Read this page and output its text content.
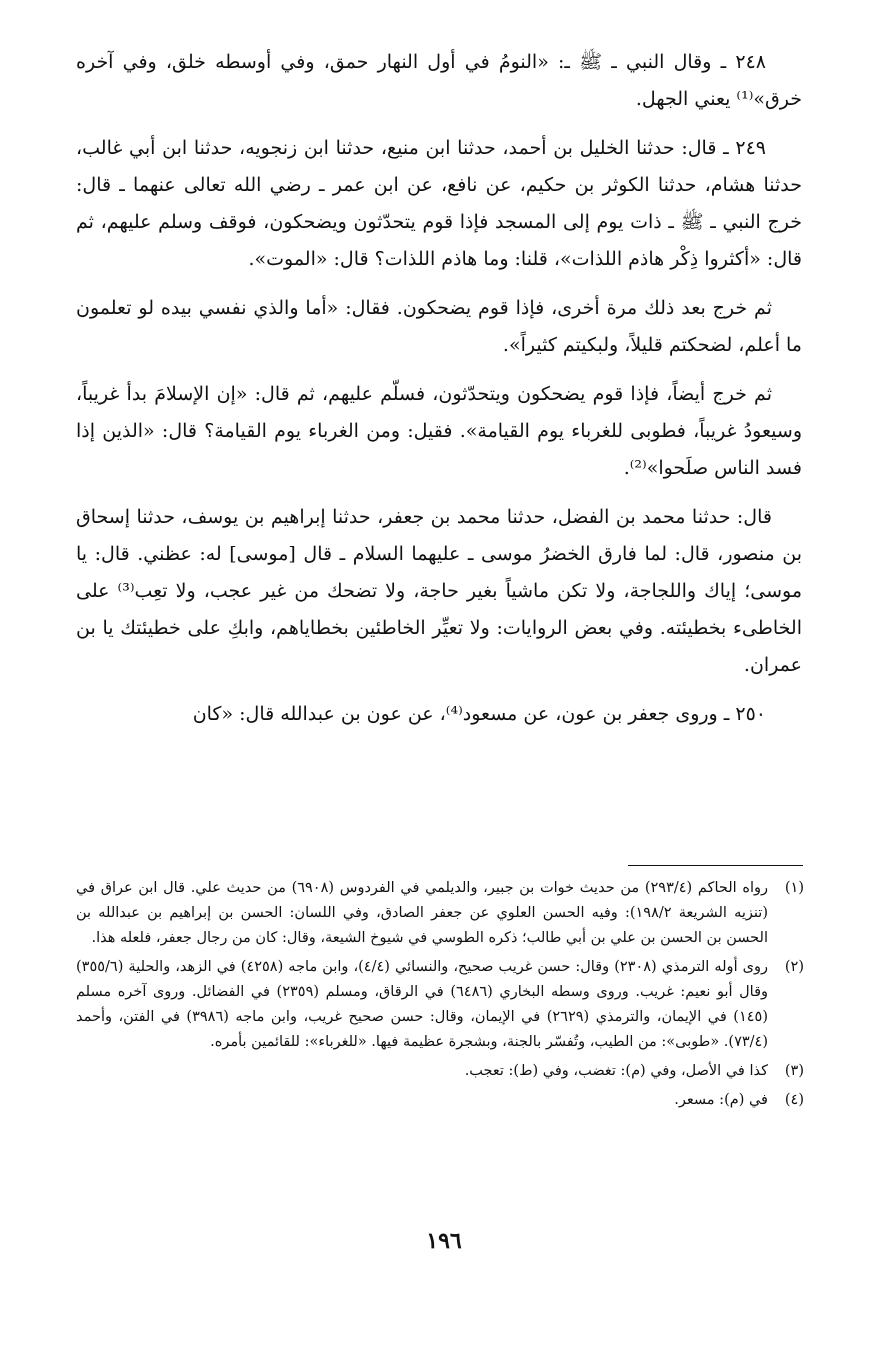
٢٤٨ ـ وقال النبي ـ ﷺ ـ: «النومُ في أول النهار حمق، وفي أوسطه خلق، وفي آخره خرق»⁽¹⁾ يعني الجهل.

٢٤٩ ـ قال: حدثنا الخليل بن أحمد، حدثنا ابن منيع، حدثنا ابن زنجويه، حدثنا ابن أبي غالب، حدثنا هشام، حدثنا الكوثر بن حكيم، عن نافع، عن ابن عمر ـ رضي الله تعالى عنهما ـ قال: خرج النبي ـ ﷺ ـ ذات يوم إلى المسجد فإذا قوم يتحدّثون ويضحكون، فوقف وسلم عليهم، ثم قال: «أكثروا ذِكْر هاذم اللذات»، قلنا: وما هاذم اللذات؟ قال: «الموت».

ثم خرج بعد ذلك مرة أخرى، فإذا قوم يضحكون. فقال: «أما والذي نفسي بيده لو تعلمون ما أعلم، لضحكتم قليلاً، ولبكيتم كثيراً».

ثم خرج أيضاً، فإذا قوم يضحكون ويتحدّثون، فسلّم عليهم، ثم قال: «إن الإسلامَ بدأ غريباً، وسيعودُ غريباً، فطوبى للغرباء يوم القيامة». فقيل: ومن الغرباء يوم القيامة؟ قال: «الذين إذا فسد الناس صلَحوا»⁽²⁾.

قال: حدثنا محمد بن الفضل، حدثنا محمد بن جعفر، حدثنا إبراهيم بن يوسف، حدثنا إسحاق بن منصور، قال: لما فارق الخضرُ موسى ـ عليهما السلام ـ قال [موسى] له: عظني. قال: يا موسى؛ إياك واللجاجة، ولا تكن ماشياً بغير حاجة، ولا تضحك من غير عجب، ولا تعِب⁽³⁾ على الخاطىء بخطيئته. وفي بعض الروايات: ولا تعيِّر الخاطئين بخطاياهم، وابكِ على خطيئتك يا بن عمران.

٢٥٠ ـ وروى جعفر بن عون، عن مسعود⁽⁴⁾، عن عون بن عبدالله قال: «كان

(١)
رواه الحاكم (٢٩٣/٤) من حديث خوات بن جبير، والديلمي في الفردوس (٦٩٠٨) من حديث علي. قال ابن عراق في (تنزيه الشريعة ١٩٨/٢): وفيه الحسن العلوي عن جعفر الصادق، وفي اللسان: الحسن بن إبراهيم بن عبدالله بن الحسن بن الحسن بن علي بن أبي طالب؛ ذكره الطوسي في شيوخ الشيعة، وقال: كان من رجال جعفر، فلعله هذا.
(٢)
روى أوله الترمذي (٢٣٠٨) وقال: حسن غريب صحيح، والنسائي (٤/٤)، وابن ماجه (٤٢٥٨) في الزهد، والحلية (٣٥٥/٦) وقال أبو نعيم: غريب. وروى وسطه البخاري (٦٤٨٦) في الرقاق، ومسلم (٢٣٥٩) في الفضائل. وروى آخره مسلم (١٤٥) في الإيمان، والترمذي (٢٦٢٩) في الإيمان، وقال: حسن صحيح غريب، وابن ماجه (٣٩٨٦) في الفتن، وأحمد (٧٣/٤). «طوبى»: من الطيب، وتُفسّر بالجنة، وبشجرة عظيمة فيها. «للغرباء»: للقائمين بأمره.
(٣)
كذا في الأصل، وفي (م): تغضب، وفي (ط): تعجب.
(٤)
في (م): مسعر.
١٩٦
